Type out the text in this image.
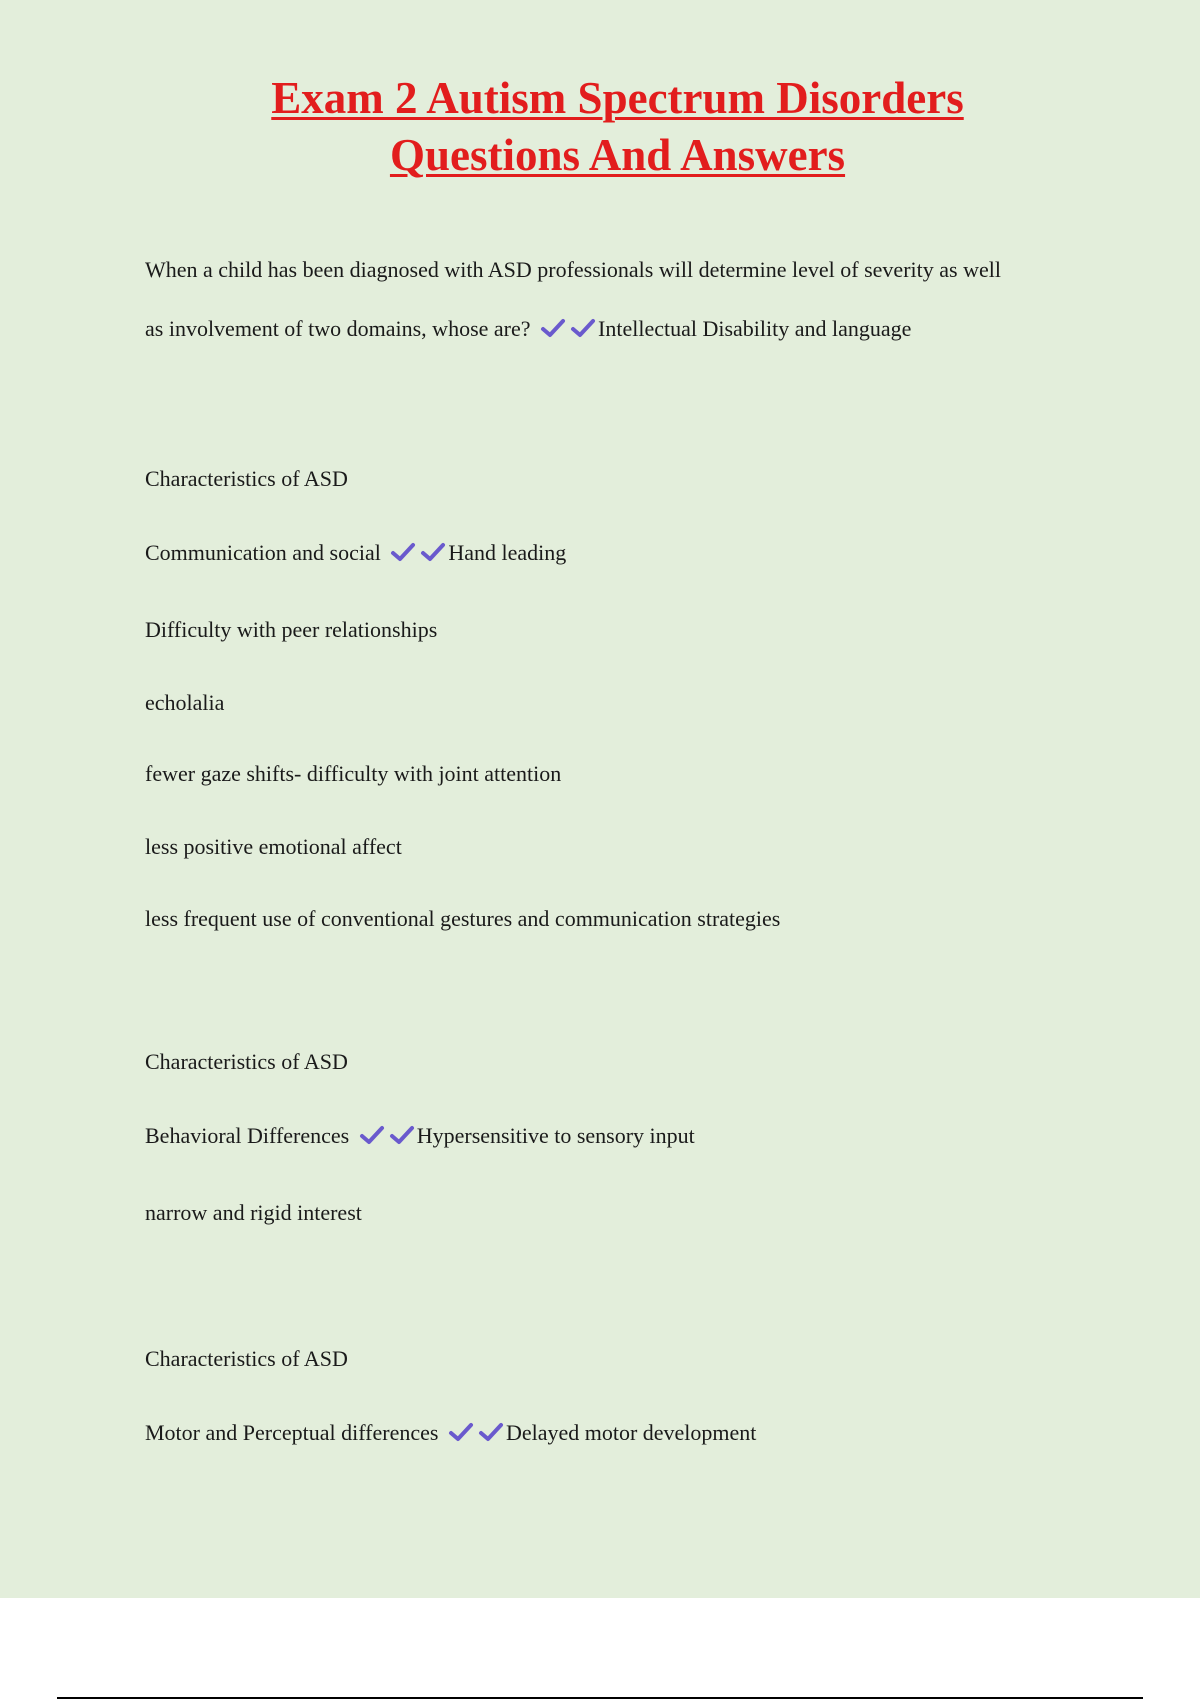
Exam 2 Autism Spectrum Disorders
Questions And Answers
When a child has been diagnosed with ASD professionals will determine level of severity as well
as involvement of two domains, whose are?	Intellectual Disability and language
Characteristics of ASD
Communication and social	Hand leading
Difficulty with peer relationships
echolalia
fewer gaze shifts- difficulty with joint attention
less positive emotional affect
less frequent use of conventional gestures and communication strategies
Characteristics of ASD
Behavioral Differences	Hypersensitive to sensory input
narrow and rigid interest
Characteristics of ASD
Motor and Perceptual differences	Delayed motor development
